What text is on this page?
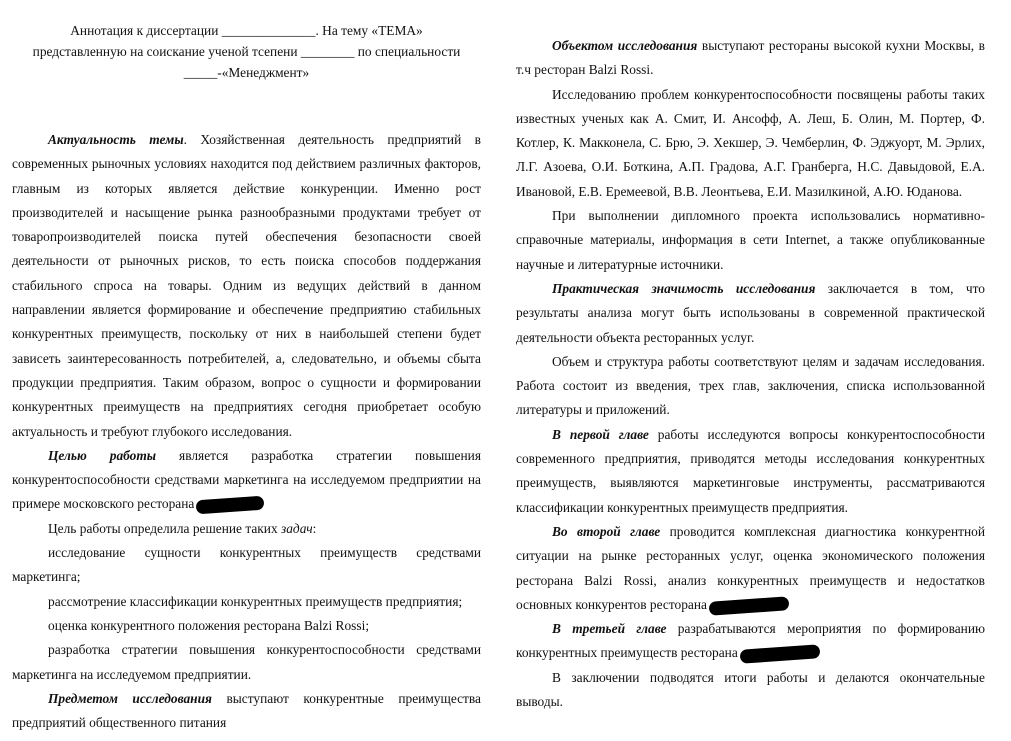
Аннотация к диссертации ______________. На тему «ТЕМА»
представленную на соискание ученой тсепени ________ по специальности
_____-«Менеджмент»

Актуальность темы. Хозяйственная деятельность предприятий в современных рыночных условиях находится под действием различных факторов, главным из которых является действие конкуренции. Именно рост производителей и насыщение рынка разнообразными продуктами требует от товаропроизводителей поиска путей обеспечения безопасности своей деятельности от рыночных рисков, то есть поиска способов поддержания стабильного спроса на товары. Одним из ведущих действий в данном направлении является формирование и обеспечение предприятию стабильных конкурентных преимуществ, поскольку от них в наибольшей степени будет зависеть заинтересованность потребителей, а, следовательно, и объемы сбыта продукции предприятия. Таким образом, вопрос о сущности и формировании конкурентных преимуществ на предприятиях сегодня приобретает особую актуальность и требуют глубокого исследования.

Целью работы является разработка стратегии повышения конкурентоспособности средствами маркетинга на исследуемом предприятии на примере московского ресторана

Цель работы определила решение таких задач:

исследование сущности конкурентных преимуществ средствами маркетинга;

рассмотрение классификации конкурентных преимуществ предприятия;

оценка конкурентного положения ресторана Balzi Rossi;

разработка стратегии повышения конкурентоспособности средствами маркетинга на исследуемом предприятии.

Предметом исследования выступают конкурентные преимущества предприятий общественного питания

Объектом исследования выступают рестораны высокой кухни Москвы, в т.ч ресторан Balzi Rossi.

Исследованию проблем конкурентоспособности посвящены работы таких известных ученых как А. Смит, И. Ансофф, А. Леш, Б. Олин, М. Портер, Ф. Котлер, К. Макконела, С. Брю, Э. Хекшер, Э. Чемберлин, Ф. Эджуорт, М. Эрлих, Л.Г. Азоева, О.И. Боткина, А.П. Градова, А.Г. Гранберга, Н.С. Давыдовой, Е.А. Ивановой, Е.В. Еремеевой, В.В. Леонтьева, Е.И. Мазилкиной, А.Ю. Юданова.

При выполнении дипломного проекта использовались нормативно-справочные материалы, информация в сети Internet, а также опубликованные научные и литературные источники.

Практическая значимость исследования заключается в том, что результаты анализа могут быть использованы в современной практической деятельности объекта ресторанных услуг.

Объем и структура работы соответствуют целям и задачам исследования. Работа состоит из введения, трех глав, заключения, списка использованной литературы и приложений.

В первой главе работы исследуются вопросы конкурентоспособности современного предприятия, приводятся методы исследования конкурентных преимуществ, выявляются маркетинговые инструменты, рассматриваются классификации конкурентных преимуществ предприятия.

Во второй главе проводится комплексная диагностика конкурентной ситуации на рынке ресторанных услуг, оценка экономического положения ресторана Balzi Rossi, анализ конкурентных преимуществ и недостатков основных конкурентов ресторана

В третьей главе разрабатываются мероприятия по формированию конкурентных преимуществ ресторана

В заключении подводятся итоги работы и делаются окончательные выводы.
